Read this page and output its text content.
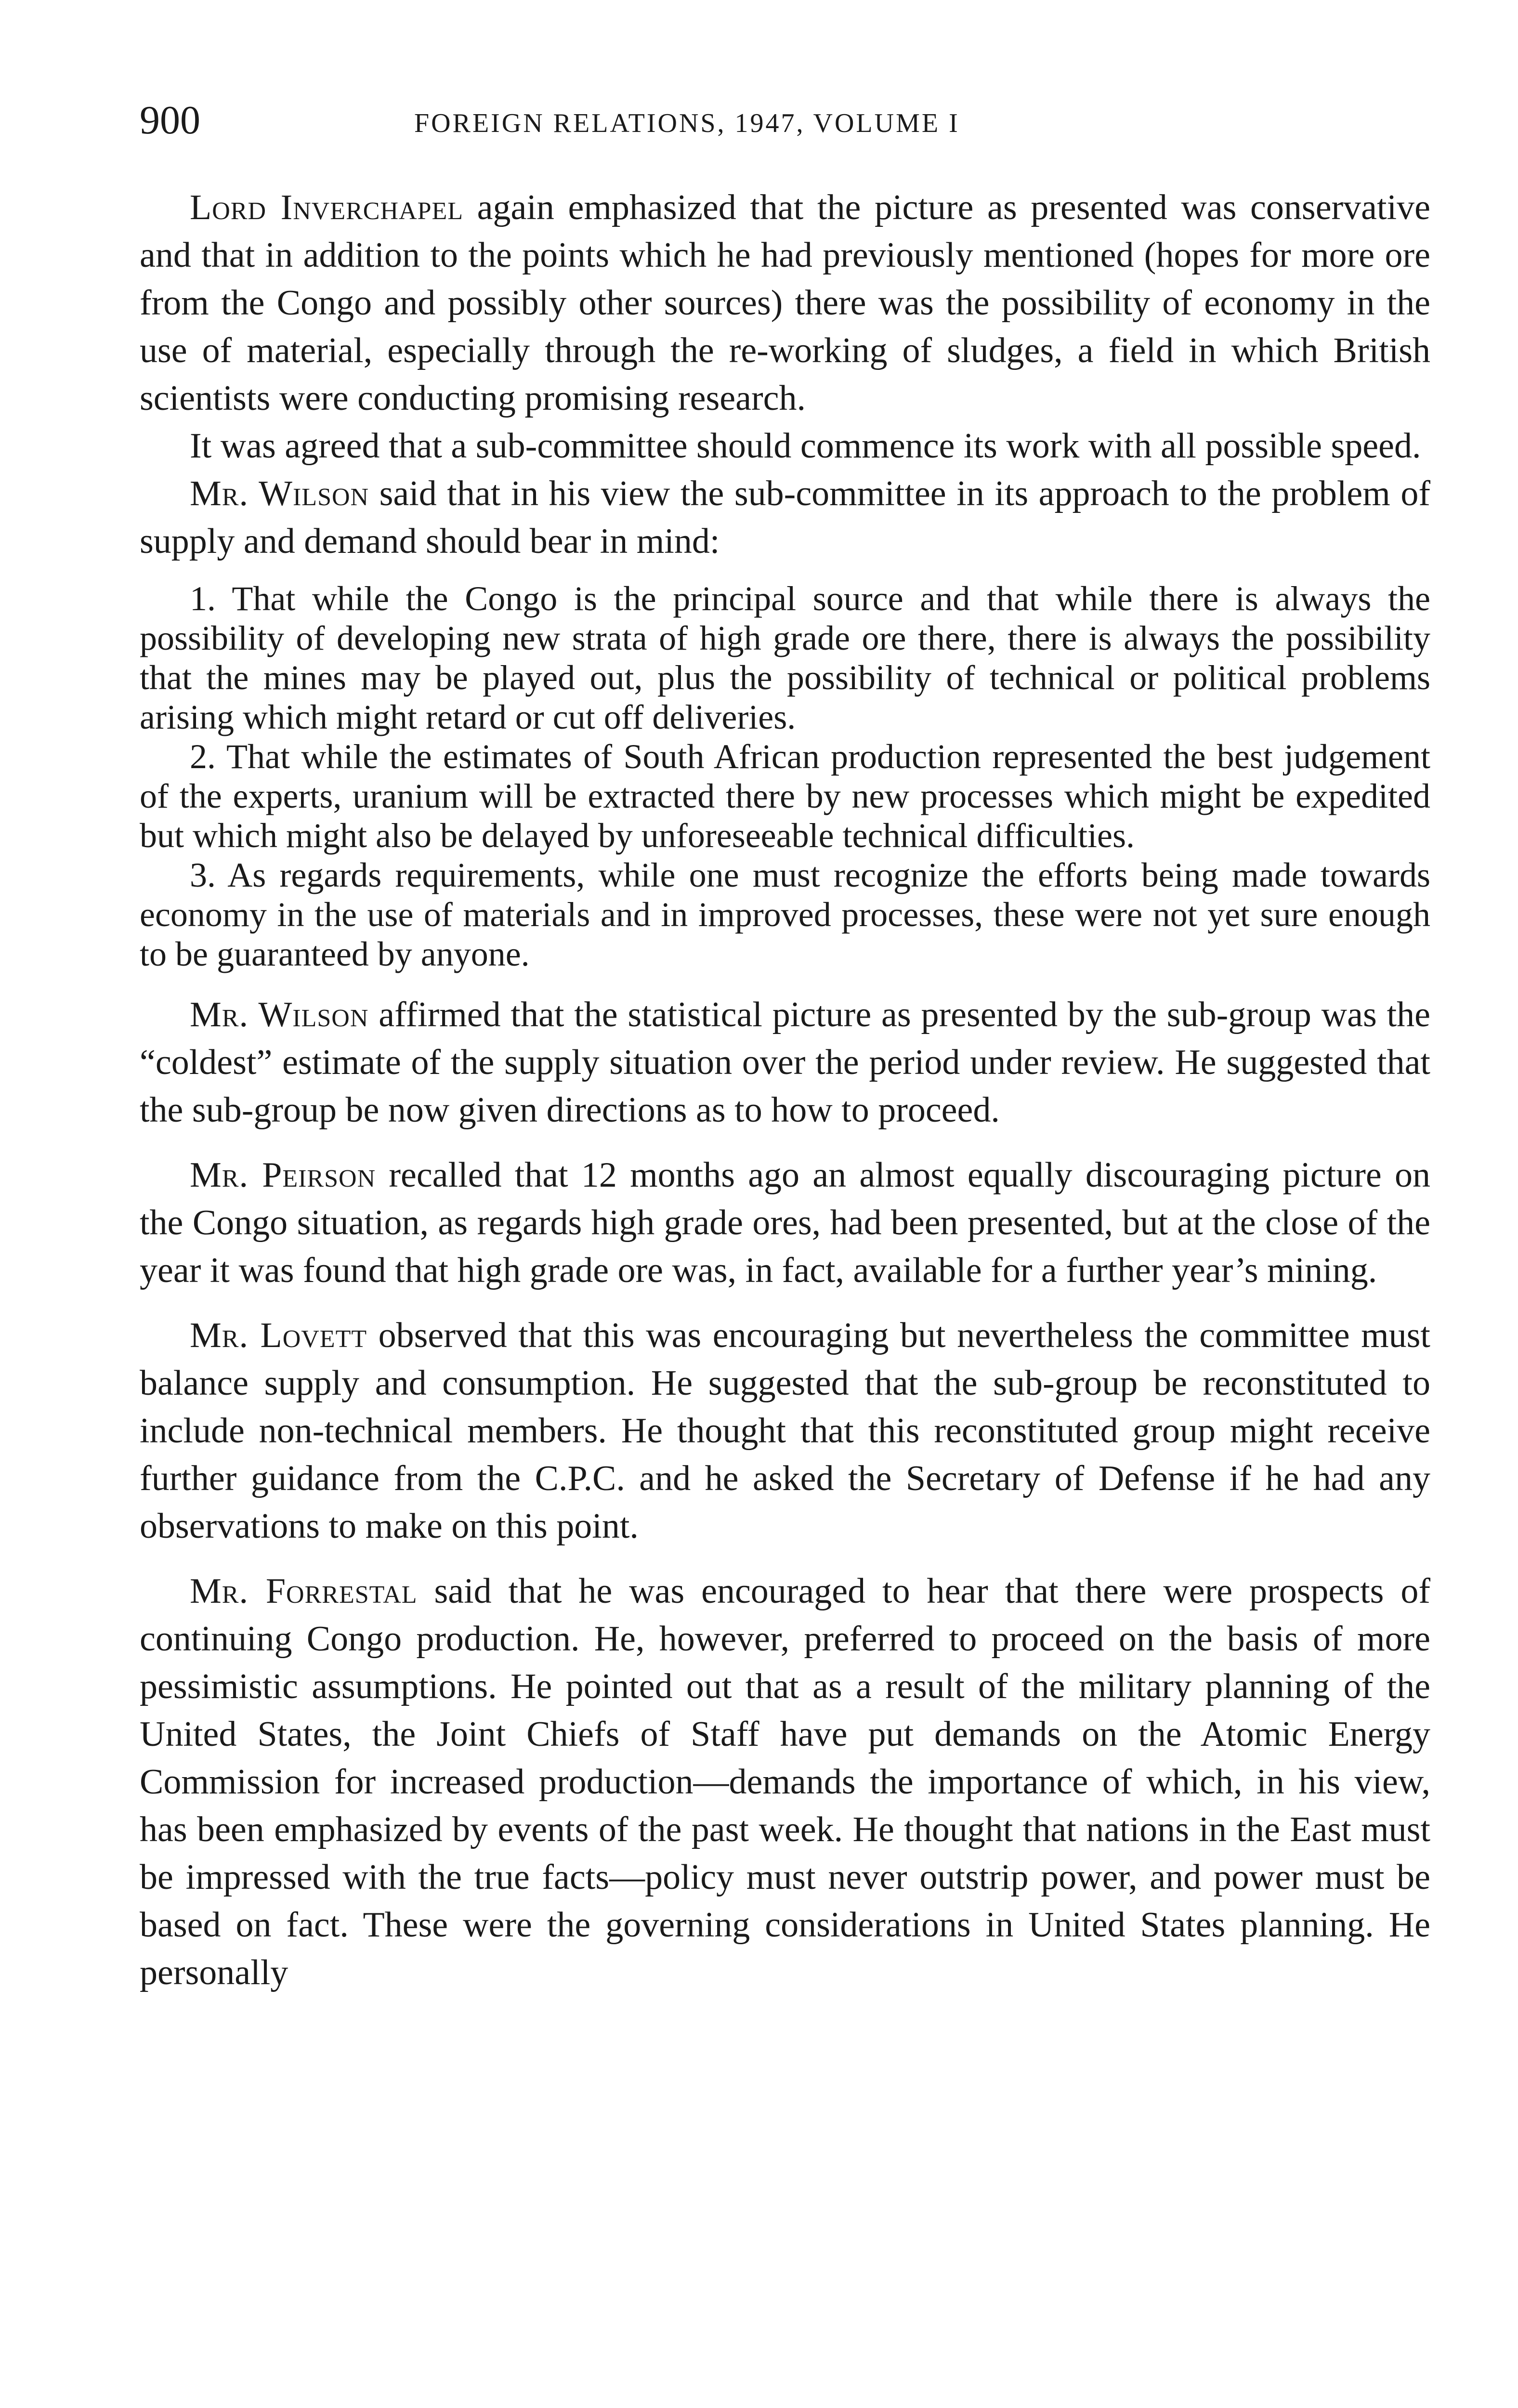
900	FOREIGN RELATIONS, 1947, VOLUME I

Lord Inverchapel again emphasized that the picture as presented was conservative and that in addition to the points which he had previously mentioned (hopes for more ore from the Congo and possibly other sources) there was the possibility of economy in the use of material, especially through the re-working of sludges, a field in which British scientists were conducting promising research.

It was agreed that a sub-committee should commence its work with all possible speed.

Mr. Wilson said that in his view the sub-committee in its approach to the problem of supply and demand should bear in mind:

1. That while the Congo is the principal source and that while there is always the possibility of developing new strata of high grade ore there, there is always the possibility that the mines may be played out, plus the possibility of technical or political problems arising which might retard or cut off deliveries.

2. That while the estimates of South African production represented the best judgement of the experts, uranium will be extracted there by new processes which might be expedited but which might also be delayed by unforeseeable technical difficulties.

3. As regards requirements, while one must recognize the efforts being made towards economy in the use of materials and in improved processes, these were not yet sure enough to be guaranteed by anyone.

Mr. Wilson affirmed that the statistical picture as presented by the sub-group was the “coldest” estimate of the supply situation over the period under review. He suggested that the sub-group be now given directions as to how to proceed.

Mr. Peirson recalled that 12 months ago an almost equally discouraging picture on the Congo situation, as regards high grade ores, had been presented, but at the close of the year it was found that high grade ore was, in fact, available for a further year’s mining.

Mr. Lovett observed that this was encouraging but nevertheless the committee must balance supply and consumption. He suggested that the sub-group be reconstituted to include non-technical members. He thought that this reconstituted group might receive further guidance from the C.P.C. and he asked the Secretary of Defense if he had any observations to make on this point.

Mr. Forrestal said that he was encouraged to hear that there were prospects of continuing Congo production. He, however, preferred to proceed on the basis of more pessimistic assumptions. He pointed out that as a result of the military planning of the United States, the Joint Chiefs of Staff have put demands on the Atomic Energy Commission for increased production—demands the importance of which, in his view, has been emphasized by events of the past week. He thought that nations in the East must be impressed with the true facts—policy must never outstrip power, and power must be based on fact. These were the governing considerations in United States planning. He personally
